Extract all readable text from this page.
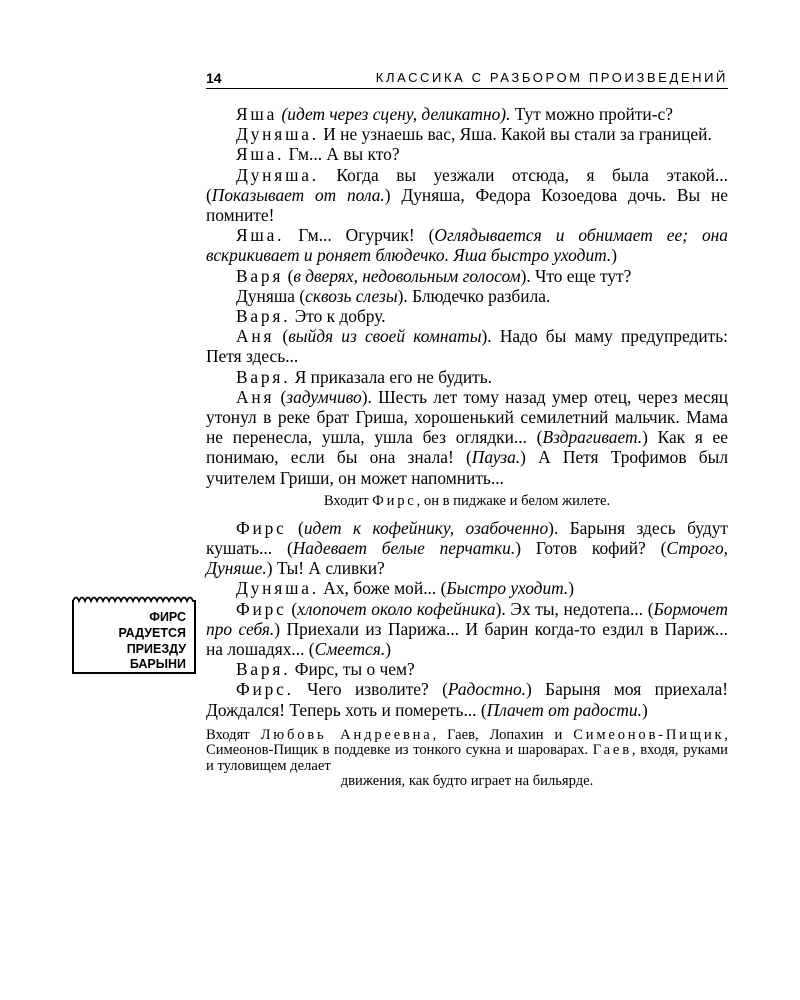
14	КЛАССИКА С РАЗБОРОМ ПРОИЗВЕДЕНИЙ
ФИРС
РАДУЕТСЯ
ПРИЕЗДУ
БАРЫНИ

Яша (идет через сцену, деликатно). Тут можно пройти-с?

Дуняша. И не узнаешь вас, Яша. Какой вы стали за границей.

Яша. Гм... А вы кто?

Дуняша. Когда вы уезжали отсюда, я была этакой... (Показывает от пола.) Дуняша, Федора Козоедова дочь. Вы не помните!

Яша. Гм... Огурчик! (Оглядывается и обнимает ее; она вскрикивает и роняет блюдечко. Яша быстро уходит.)

Варя (в дверях, недовольным голосом). Что еще тут?

Дуняша (сквозь слезы). Блюдечко разбила.

Варя. Это к добру.

Аня (выйдя из своей комнаты). Надо бы маму предупредить: Петя здесь...

Варя. Я приказала его не будить.

Аня (задумчиво). Шесть лет тому назад умер отец, через месяц утонул в реке брат Гриша, хорошенький семилетний мальчик. Мама не перенесла, ушла, ушла без оглядки... (Вздрагивает.) Как я ее понимаю, если бы она знала! (Пауза.) А Петя Трофимов был учителем Гриши, он может напомнить...

Входит Фирс, он в пиджаке и белом жилете.

Фирс (идет к кофейнику, озабоченно). Барыня здесь будут кушать... (Надевает белые перчатки.) Готов кофий? (Строго, Дуняше.) Ты! А сливки?

Дуняша. Ах, боже мой... (Быстро уходит.)

Фирс (хлопочет около кофейника). Эх ты, недотепа... (Бормочет про себя.) Приехали из Парижа... И барин когда-то ездил в Париж... на лошадях... (Смеется.)

Варя. Фирс, ты о чем?

Фирс. Чего изволите? (Радостно.) Барыня моя приехала! Дождался! Теперь хоть и помереть... (Плачет от радости.)

Входят Любовь Андреевна, Гаев, Лопахин и Симеонов-Пищик, Симеонов-Пищик в поддевке из тонкого сукна и шароварах. Гаев, входя, руками и туловищем делает
движения, как будто играет на бильярде.
